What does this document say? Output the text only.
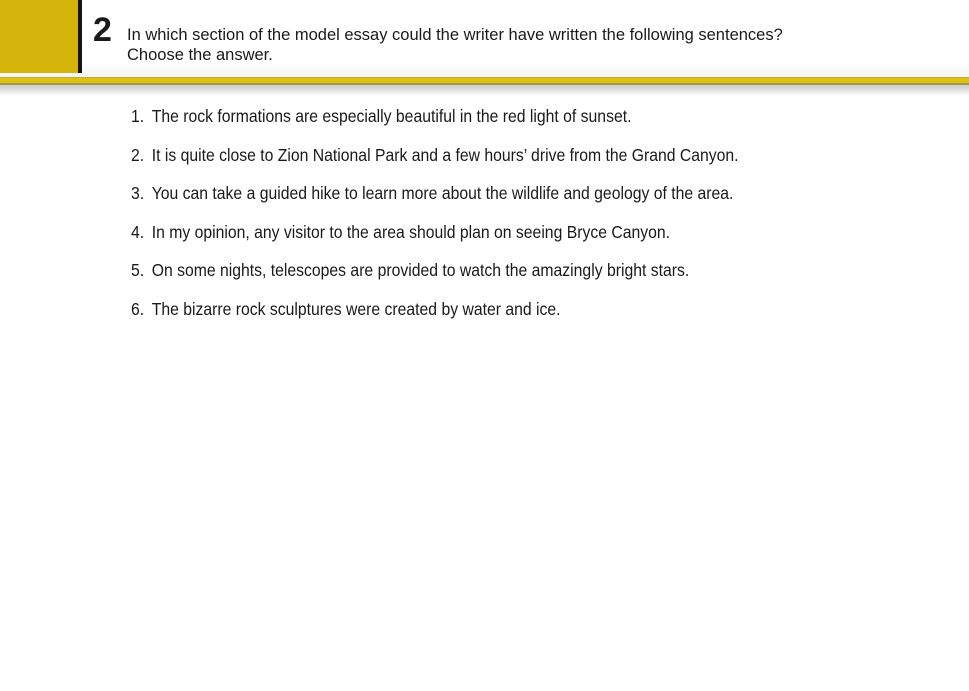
2 In which section of the model essay could the writer have written the following sentences?
Choose the answer.
1. The rock formations are especially beautiful in the red light of sunset.
2. It is quite close to Zion National Park and a few hours’ drive from the Grand Canyon.
3. You can take a guided hike to learn more about the wildlife and geology of the area.
4. In my opinion, any visitor to the area should plan on seeing Bryce Canyon.
5. On some nights, telescopes are provided to watch the amazingly bright stars.
6. The bizarre rock sculptures were created by water and ice.
